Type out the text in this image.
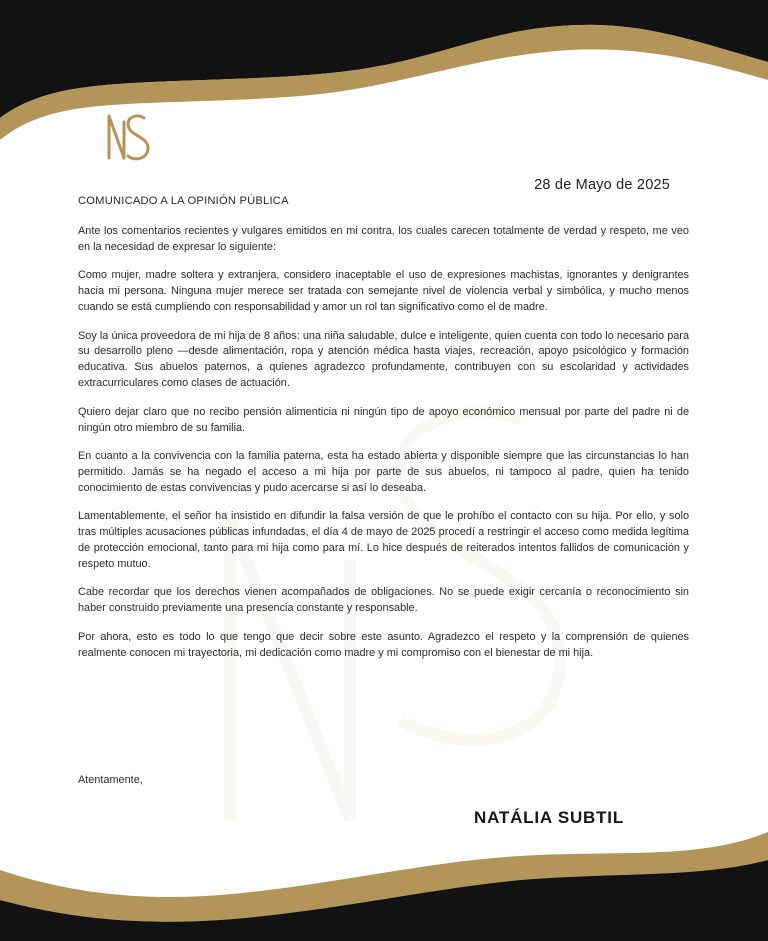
28 de Mayo de 2025
COMUNICADO A LA OPINIÓN PÚBLICA

Ante los comentarios recientes y vulgares emitidos en mi contra, los cuales carecen totalmente de verdad y respeto, me veo en la necesidad de expresar lo siguiente:

Como mujer, madre soltera y extranjera, considero inaceptable el uso de expresiones machistas, ignorantes y denigrantes hacia mi persona. Ninguna mujer merece ser tratada con semejante nivel de violencia verbal y simbólica, y mucho menos cuando se está cumpliendo con responsabilidad y amor un rol tan significativo como el de madre.

Soy la única proveedora de mi hija de 8 años: una niña saludable, dulce e inteligente, quien cuenta con todo lo necesario para su desarrollo pleno —desde alimentación, ropa y atención médica hasta viajes, recreación, apoyo psicológico y formación educativa. Sus abuelos paternos, a quienes agradezco profundamente, contribuyen con su escolaridad y actividades extracurriculares como clases de actuación.

Quiero dejar claro que no recibo pensión alimenticia ni ningún tipo de apoyo económico mensual por parte del padre ni de ningún otro miembro de su familia.

En cuanto a la convivencia con la familia paterna, esta ha estado abierta y disponible siempre que las circunstancias lo han permitido. Jamás se ha negado el acceso a mi hija por parte de sus abuelos, ni tampoco al padre, quien ha tenido conocimiento de estas convivencias y pudo acercarse si así lo deseaba.

Lamentablemente, el señor ha insistido en difundir la falsa versión de que le prohíbo el contacto con su hija. Por ello, y solo tras múltiples acusaciones públicas infundadas, el día 4 de mayo de 2025 procedí a restringir el acceso como medida legítima de protección emocional, tanto para mi hija como para mí. Lo hice después de reiterados intentos fallidos de comunicación y respeto mutuo.

Cabe recordar que los derechos vienen acompañados de obligaciones. No se puede exigir cercanía o reconocimiento sin haber construido previamente una presencia constante y responsable.

Por ahora, esto es todo lo que tengo que decir sobre este asunto. Agradezco el respeto y la comprensión de quienes realmente conocen mi trayectoria, mi dedicación como madre y mi compromiso con el bienestar de mi hija.

Atentamente,
NATÁLIA SUBTIL
